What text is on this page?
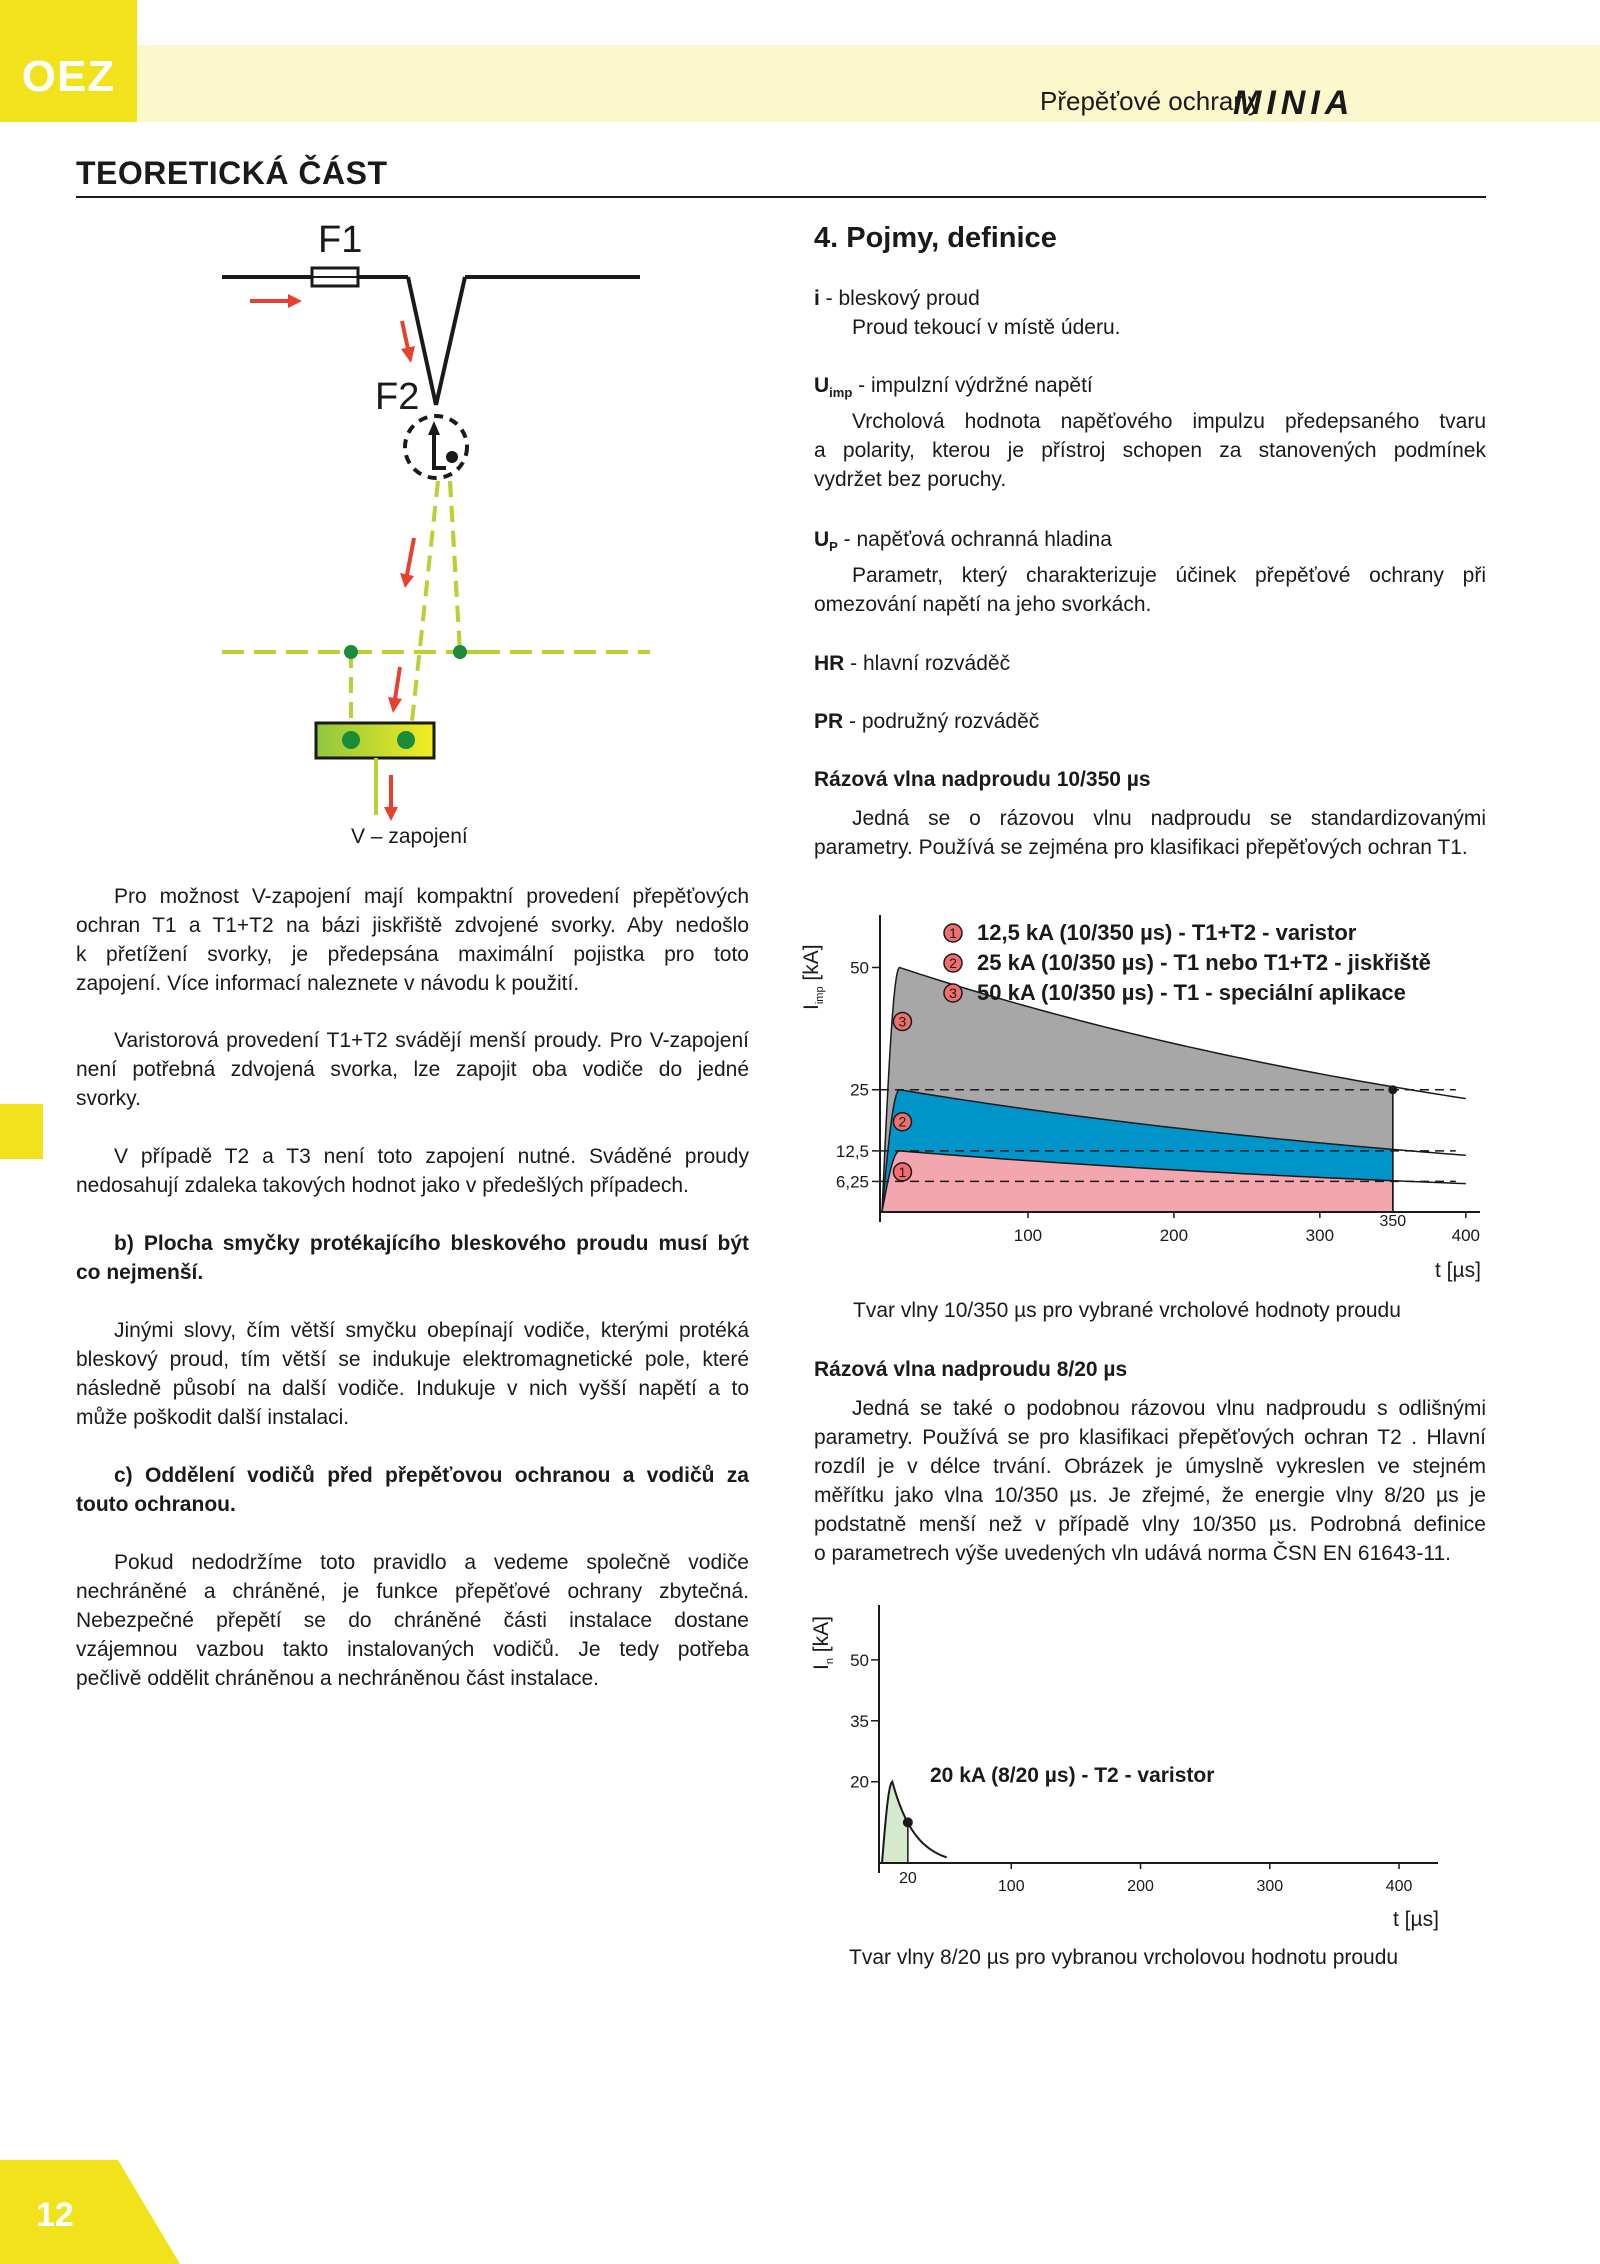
OEZ	Přepěťové ochrany
MINIA
TEORETICKÁ ČÁST
12
F1
F2
V – zapojení
Pro možnost V-zapojení mají kompaktní provedení přepěťových
ochran T1 a T1+T2 na bázi jiskřiště zdvojené svorky. Aby nedošlo
k přetížení svorky, je předepsána maximální pojistka pro toto
zapojení. Více informací naleznete v návodu k použití.
Varistorová provedení T1+T2 svádějí menší proudy. Pro V-zapojení
není potřebná zdvojená svorka, lze zapojit oba vodiče do jedné
svorky.
V případě T2 a T3 není toto zapojení nutné. Sváděné proudy
nedosahují zdaleka takových hodnot jako v předešlých případech.
b) Plocha smyčky protékajícího bleskového proudu musí být
co nejmenší.
Jinými slovy, čím větší smyčku obepínají vodiče, kterými protéká
bleskový proud, tím větší se indukuje elektromagnetické pole, které
následně působí na další vodiče. Indukuje v nich vyšší napětí a to
může poškodit další instalaci.
c) Oddělení vodičů před přepěťovou ochranou a vodičů za
touto ochranou.
Pokud nedodržíme toto pravidlo a vedeme společně vodiče
nechráněné a chráněné, je funkce přepěťové ochrany zbytečná.
Nebezpečné přepětí se do chráněné části instalace dostane
vzájemnou vazbou takto instalovaných vodičů. Je tedy potřeba
pečlivě oddělit chráněnou a nechráněnou část instalace.
4. Pojmy, definice
i - bleskový proud
Proud tekoucí v místě úderu.
$U_{imp}$ - impulzní výdržné napětí
Vrcholová hodnota napěťového impulzu předepsaného tvaru
a polarity, kterou je přístroj schopen za stanovených podmínek
vydržet bez poruchy.
$U_P$ - napěťová ochranná hladina
Parametr, který charakterizuje účinek přepěťové ochrany při
omezování napětí na jeho svorkách.
HR - hlavní rozváděč
PR - podružný rozváděč
Rázová vlna nadproudu 10/350 µs
Jedná se o rázovou vlnu nadproudu se standardizovanými
parametry. Používá se zejména pro klasifikaci přepěťových ochran T1.
100	200	300	400
350
6,25
12,5
25
50
1 12,5 kA (10/350 µs) - T1+T2 - varistor
2 25 kA (10/350 µs) - T1 nebo T1+T2 - jiskřiště
3 50 kA (10/350 µs) - T1 - speciální aplikace
3
2
1
$I_{imp}$ [kA]
t [µs]
Tvar vlny 10/350 µs pro vybrané vrcholové hodnoty proudu
Rázová vlna nadproudu 8/20 µs
Jedná se také o podobnou rázovou vlnu nadproudu s odlišnými
parametry. Používá se pro klasifikaci přepěťových ochran T2 . Hlavní
rozdíl je v délce trvání. Obrázek je úmyslně vykreslen ve stejném
měřítku jako vlna 10/350 µs. Je zřejmé, že energie vlny 8/20 µs je
podstatně menší než v případě vlny 10/350 µs. Podrobná definice
o parametrech výše uvedených vln udává norma ČSN EN 61643-11.
100	200	300	400
20
20
35
50
20 kA (8/20 µs) - T2 - varistor
$I_n$ [kA]
t [µs]
Tvar vlny 8/20 µs pro vybranou vrcholovou hodnotu proudu
